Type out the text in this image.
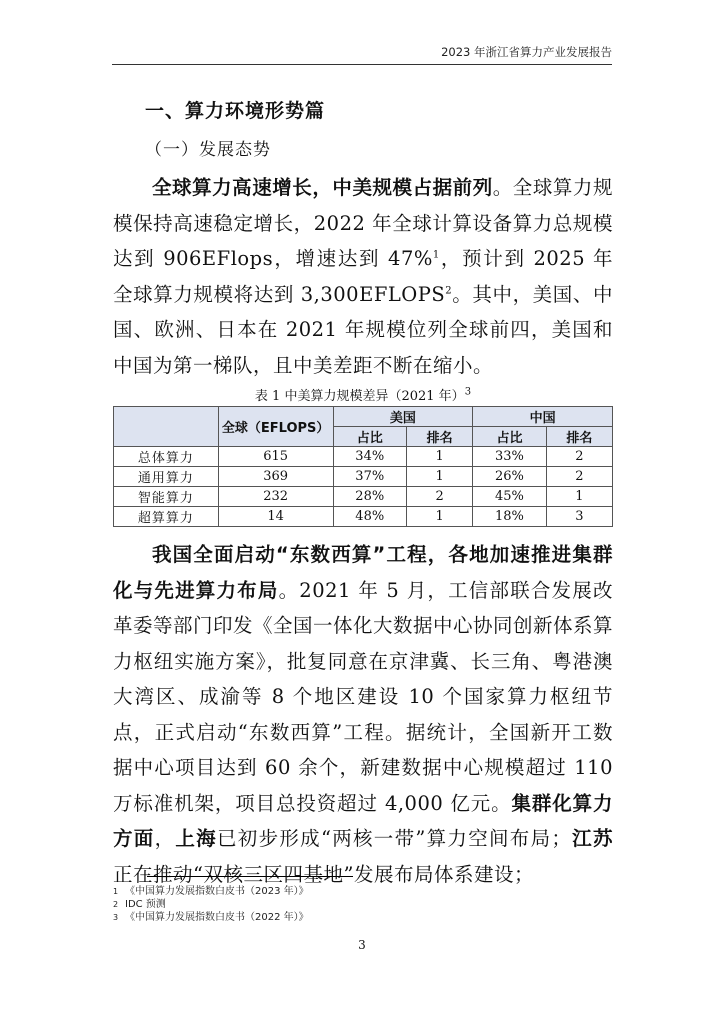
2023 年浙江省算力产业发展报告
一、算力环境形势篇
（一）发展态势

全球算力高速增长，中美规模占据前列。全球算力规模保持高速稳定增长，2022 年全球计算设备算力总规模达到 906EFlops，增速达到 47%$^1$，预计到 2025 年全球算力规模将达到 3,300EFLOPS$^2$。其中，美国、中国、欧洲、日本在 2021 年规模位列全球前四，美国和中国为第一梯队，且中美差距不断在缩小。

表 1 中美算力规模差异（2021 年）$^3$
	全球（EFLOPS）	美国		中国	
		占比	排名	占比	排名
总体算力	615	34%	1	33%	2
通用算力	369	37%	1	26%	2
智能算力	232	28%	2	45%	1
超算算力	14	48%	1	18%	3

我国全面启动“东数西算”工程，各地加速推进集群化与先进算力布局。2021 年 5 月，工信部联合发展改革委等部门印发《全国一体化大数据中心协同创新体系算力枢纽实施方案》，批复同意在京津冀、长三角、粤港澳大湾区、成渝等 8 个地区建设 10 个国家算力枢纽节点，正式启动“东数西算”工程。据统计，全国新开工数据中心项目达到 60 余个，新建数据中心规模超过 110 万标准机架，项目总投资超过 4,000 亿元。集群化算力方面，上海已初步形成“两核一带”算力空间布局；江苏正在推动“双核三区四基地”发展布局体系建设；

1 《中国算力发展指数白皮书（2023 年）》
2 IDC 预测
3 《中国算力发展指数白皮书（2022 年）》
3
